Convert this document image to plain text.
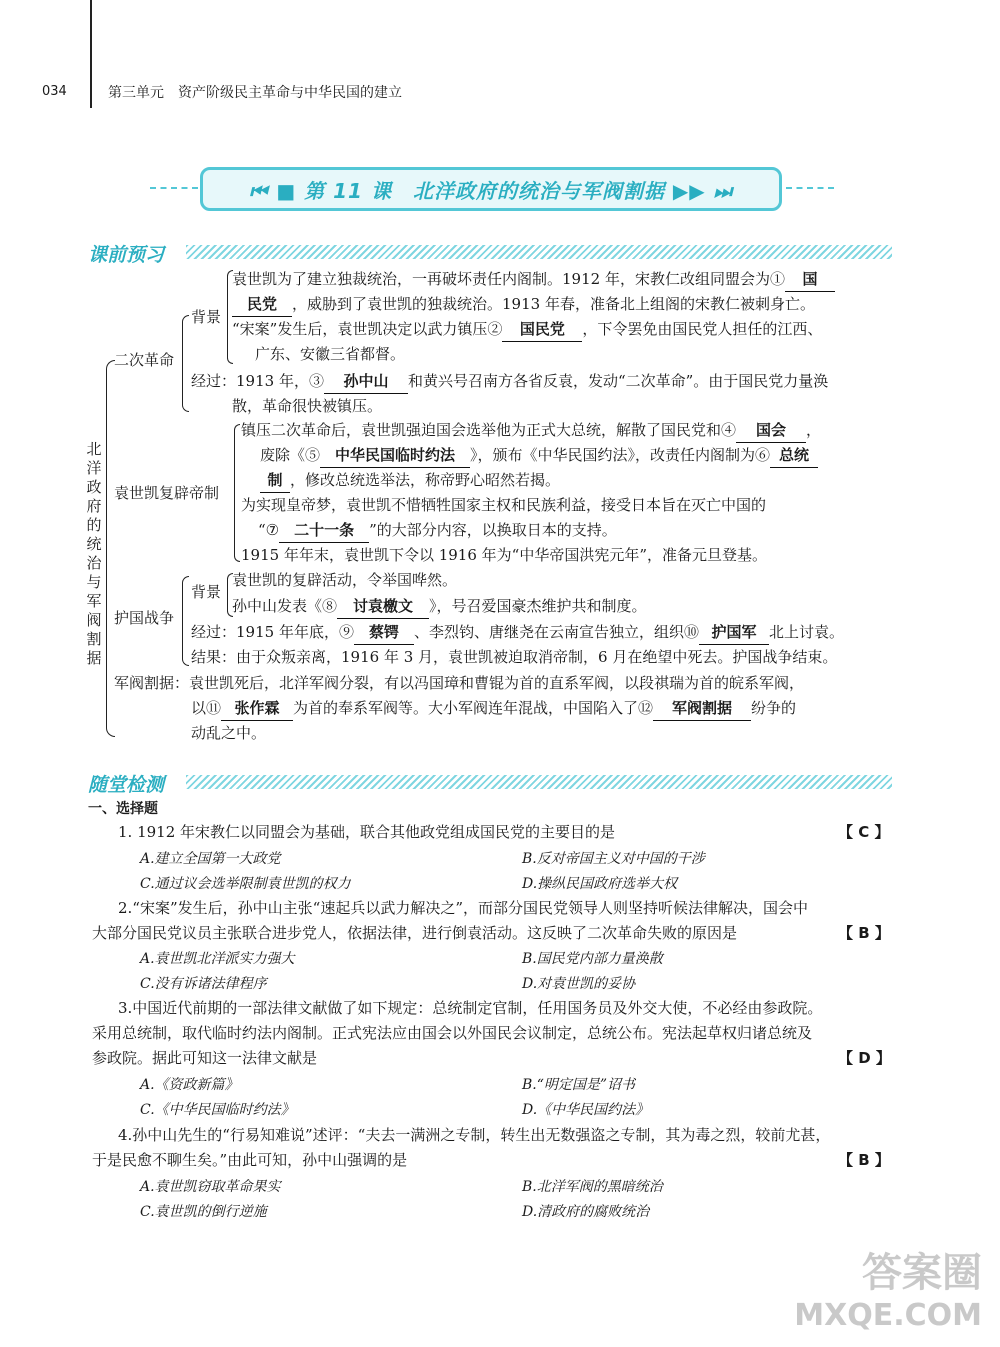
034	第三单元　资产阶级民主革命与中华民国的建立
⏮ ■ 第 11 课　北洋政府的统治与军阀割据 ▶▶ ⏭
课前预习
北洋政府的统治与军阀割据
二次革命
背景
袁世凯为了建立独裁统治，一再破坏责任内阁制。1912 年，宋教仁改组同盟会为① 国
民党 ，威胁到了袁世凯的独裁统治。1913 年春，准备北上组阁的宋教仁被刺身亡。
“宋案”发生后，袁世凯决定以武力镇压② 国民党 ，下令罢免由国民党人担任的江西、
广东、安徽三省都督。
经过：1913 年，③ 孙中山 和黄兴号召南方各省反袁，发动“二次革命”。由于国民党力量涣
散，革命很快被镇压。
袁世凯复辟帝制
镇压二次革命后，袁世凯强迫国会选举他为正式大总统，解散了国民党和④ 国会 ，
废除《⑤ 中华民国临时约法 》，颁布《中华民国约法》，改责任内阁制为⑥ 总统
制 ，修改总统选举法，称帝野心昭然若揭。
为实现皇帝梦，袁世凯不惜牺牲国家主权和民族利益，接受日本旨在灭亡中国的
“⑦ 二十一条 ”的大部分内容，以换取日本的支持。
1915 年年末，袁世凯下令以 1916 年为“中华帝国洪宪元年”，准备元旦登基。
护国战争
背景
袁世凯的复辟活动，令举国哗然。
孙中山发表《⑧ 讨袁檄文 》，号召爱国豪杰维护共和制度。
经过：1915 年年底，⑨ 蔡锷 、李烈钧、唐继尧在云南宣告独立，组织⑩ 护国军 北上讨袁。
结果：由于众叛亲离，1916 年 3 月，袁世凯被迫取消帝制，6 月在绝望中死去。护国战争结束。
军阀割据：袁世凯死后，北洋军阀分裂，有以冯国璋和曹锟为首的直系军阀，以段祺瑞为首的皖系军阀，
以⑪ 张作霖 为首的奉系军阀等。大小军阀连年混战，中国陷入了⑫ 军阀割据 纷争的
动乱之中。
随堂检测
一、选择题
1. 1912 年宋教仁以同盟会为基础，联合其他政党组成国民党的主要目的是	【 C 】
A.建立全国第一大政党	B.反对帝国主义对中国的干涉
C.通过议会选举限制袁世凯的权力	D.操纵民国政府选举大权
2.“宋案”发生后，孙中山主张“速起兵以武力解决之”，而部分国民党领导人则坚持听候法律解决，国会中
大部分国民党议员主张联合进步党人，依据法律，进行倒袁活动。这反映了二次革命失败的原因是	【 B 】
A.袁世凯北洋派实力强大	B.国民党内部力量涣散
C.没有诉诸法律程序	D.对袁世凯的妥协
3.中国近代前期的一部法律文献做了如下规定：总统制定官制，任用国务员及外交大使，不必经由参政院。
采用总统制，取代临时约法内阁制。正式宪法应由国会以外国民会议制定，总统公布。宪法起草权归诸总统及
参政院。据此可知这一法律文献是	【 D 】
A.《资政新篇》	B.“明定国是”诏书
C.《中华民国临时约法》	D.《中华民国约法》
4.孙中山先生的“行易知难说”述评：“夫去一满洲之专制，转生出无数强盗之专制，其为毒之烈，较前尤甚，
于是民愈不聊生矣。”由此可知，孙中山强调的是	【 B 】
A.袁世凯窃取革命果实	B.北洋军阀的黑暗统治
C.袁世凯的倒行逆施	D.清政府的腐败统治
答案圈
MXQE.COM
